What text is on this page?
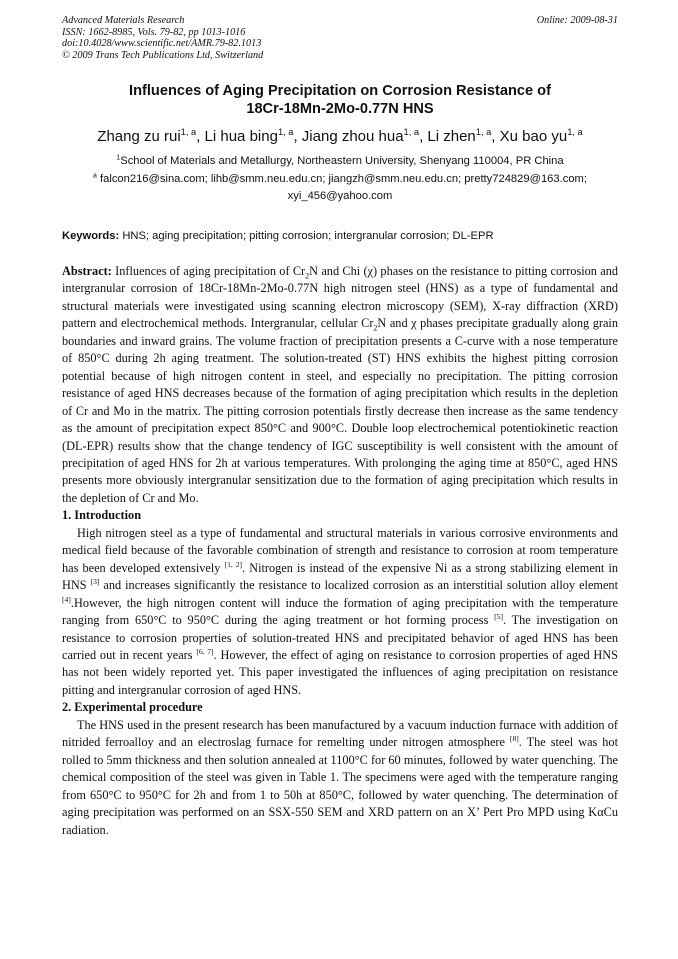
Advanced Materials Research
ISSN: 1662-8985, Vols. 79-82, pp 1013-1016
doi:10.4028/www.scientific.net/AMR.79-82.1013
© 2009 Trans Tech Publications Ltd, Switzerland
Online: 2009-08-31
Influences of Aging Precipitation on Corrosion Resistance of
18Cr-18Mn-2Mo-0.77N HNS
Zhang zu rui$^{1, a}$, Li hua bing$^{1, a}$, Jiang zhou hua$^{1, a}$, Li zhen$^{1, a}$, Xu bao yu$^{1, a}$
$^1$School of Materials and Metallurgy, Northeastern University, Shenyang 110004, PR China
$^a$ falcon216@sina.com; lihb@smm.neu.edu.cn; jiangzh@smm.neu.edu.cn; pretty724829@163.com;
xyi_456@yahoo.com
Keywords: HNS; aging precipitation; pitting corrosion; intergranular corrosion; DL-EPR

Abstract: Influences of aging precipitation of $Cr_2N$ and Chi (χ) phases on the resistance to pitting corrosion and intergranular corrosion of 18Cr-18Mn-2Mo-0.77N high nitrogen steel (HNS) as a type of fundamental and structural materials were investigated using scanning electron microscopy (SEM), X-ray diffraction (XRD) pattern and electrochemical methods. Intergranular, cellular $Cr_2N$ and χ phases precipitate gradually along grain boundaries and inward grains. The volume fraction of precipitation presents a C-curve with a nose temperature of 850°C during 2h aging treatment. The solution-treated (ST) HNS exhibits the highest pitting corrosion potential because of high nitrogen content in steel, and especially no precipitation. The pitting corrosion resistance of aged HNS decreases because of the formation of aging precipitation which results in the depletion of Cr and Mo in the matrix. The pitting corrosion potentials firstly decrease then increase as the same tendency as the amount of precipitation expect 850°C and 900°C. Double loop electrochemical potentiokinetic reaction (DL-EPR) results show that the change tendency of IGC susceptibility is well consistent with the amount of precipitation of aged HNS for 2h at various temperatures. With prolonging the aging time at 850°C, aged HNS presents more obviously intergranular sensitization due to the formation of aging precipitation which results in the depletion of Cr and Mo.

1. Introduction

High nitrogen steel as a type of fundamental and structural materials in various corrosive environments and medical field because of the favorable combination of strength and resistance to corrosion at room temperature has been developed extensively [1, 2]. Nitrogen is instead of the expensive Ni as a strong stabilizing element in HNS [3] and increases significantly the resistance to localized corrosion as an interstitial solution alloy element [4].However, the high nitrogen content will induce the formation of aging precipitation with the temperature ranging from 650°C to 950°C during the aging treatment or hot forming process [5]. The investigation on resistance to corrosion properties of solution-treated HNS and precipitated behavior of aged HNS has been carried out in recent years [6, 7]. However, the effect of aging on resistance to corrosion properties of aged HNS has not been widely reported yet. This paper investigated the influences of aging precipitation on resistance pitting and intergranular corrosion of aged HNS.

2. Experimental procedure

The HNS used in the present research has been manufactured by a vacuum induction furnace with addition of nitrided ferroalloy and an electroslag furnace for remelting under nitrogen atmosphere [8]. The steel was hot rolled to 5mm thickness and then solution annealed at 1100°C for 60 minutes, followed by water quenching. The chemical composition of the steel was given in Table 1. The specimens were aged with the temperature ranging from 650°C to 950°C for 2h and from 1 to 50h at 850°C, followed by water quenching. The determination of aging precipitation was performed on an SSX-550 SEM and XRD pattern on an X’ Pert Pro MPD using KαCu radiation.
